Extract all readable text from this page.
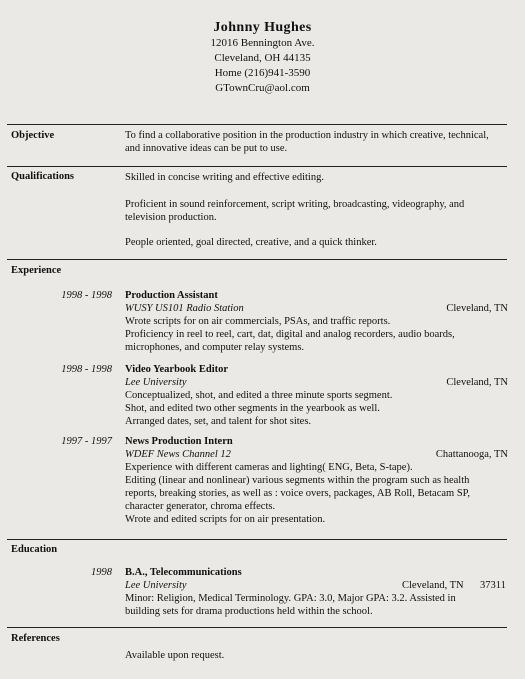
Johnny Hughes
12016 Bennington Ave.
Cleveland, OH 44135
Home (216)941-3590
GTownCru@aol.com
Objective	To find a collaborative position in the production industry in which creative, technical, and innovative ideas can be put to use.
Qualifications	Skilled in concise writing and effective editing.
Proficient in sound reinforcement, script writing, broadcasting, videography, and television production.
People oriented, goal directed, creative, and a quick thinker.
Experience
1998 - 1998 Production Assistant
WUSY US101 Radio Station	Cleveland, TN
Wrote scripts for on air commercials, PSAs, and traffic reports.
Proficiency in reel to reel, cart, dat, digital and analog recorders, audio boards,
microphones, and computer relay systems.
1998 - 1998 Video Yearbook Editor
Lee University	Cleveland, TN
Conceptualized, shot, and edited a three minute sports segment.
Shot, and edited two other segments in the yearbook as well.
Arranged dates, set, and talent for shot sites.
1997 - 1997 News Production Intern
WDEF News Channel 12	Chattanooga, TN
Experience with different cameras and lighting( ENG, Beta, S-tape).
Editing (linear and nonlinear) various segments within the program such as health
reports, breaking stories, as well as : voice overs, packages, AB Roll, Betacam SP,
character generator, chroma effects.
Wrote and edited scripts for on air presentation.
Education
1998 B.A., Telecommunications
Lee University	Cleveland, TN 37311
Minor: Religion, Medical Terminology. GPA: 3.0, Major GPA: 3.2. Assisted in
building sets for drama productions held within the school.
References
Available upon request.
